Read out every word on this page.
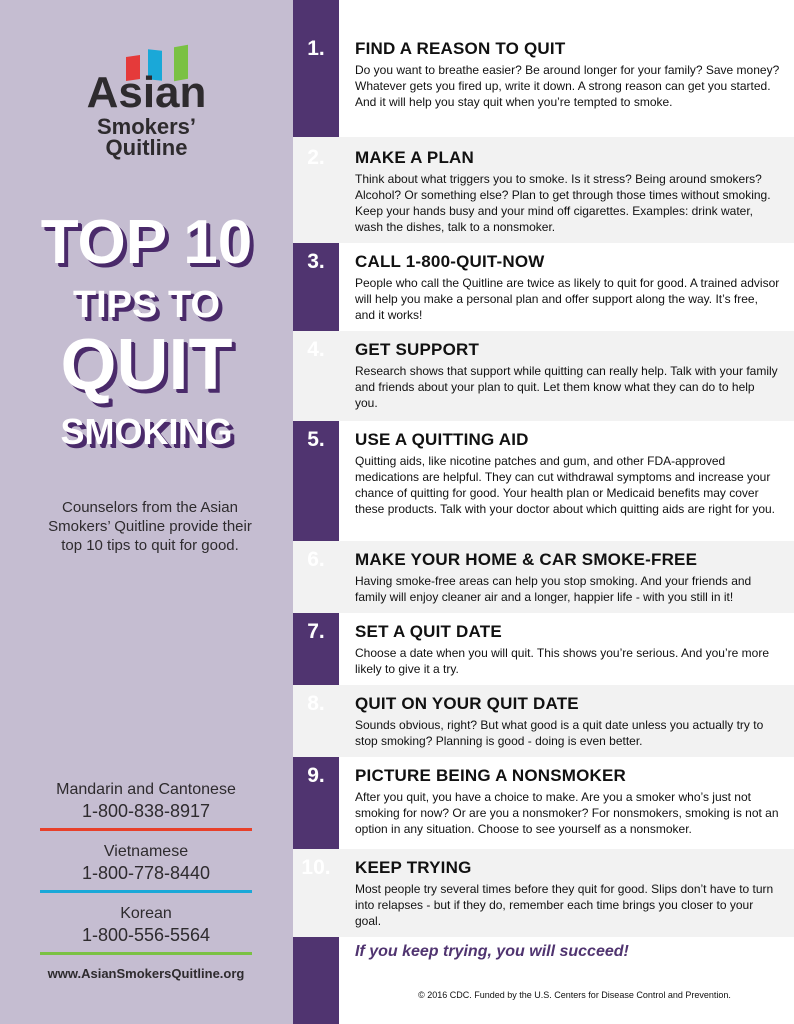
Asian
Smokers’
Quitline
TOP 10
TIPS TO
QUIT
SMOKING
Counselors from the Asian Smokers’ Quitline provide their top 10 tips to quit for good.
Mandarin and Cantonese
1-800-838-8917
Vietnamese
1-800-778-8440
Korean
1-800-556-5564
www.AsianSmokersQuitline.org
1.	FIND A REASON TO QUIT

Do you want to breathe easier? Be around longer for your family? Save money? Whatever gets you fired up, write it down. A strong reason can get you started. And it will help you stay quit when you’re tempted to smoke.

2.	MAKE A PLAN

Think about what triggers you to smoke. Is it stress? Being around smokers? Alcohol? Or something else? Plan to get through those times without smoking. Keep your hands busy and your mind off cigarettes. Examples: drink water, wash the dishes, talk to a nonsmoker.

3.	CALL 1-800-QUIT-NOW

People who call the Quitline are twice as likely to quit for good. A trained advisor will help you make a personal plan and offer support along the way. It’s free, and it works!

4.	GET SUPPORT

Research shows that support while quitting can really help. Talk with your family and friends about your plan to quit. Let them know what they can do to help you.

5.	USE A QUITTING AID

Quitting aids, like nicotine patches and gum, and other FDA-approved medications are helpful. They can cut withdrawal symptoms and increase your chance of quitting for good. Your health plan or Medicaid benefits may cover these products. Talk with your doctor about which quitting aids are right for you.

6.	MAKE YOUR HOME & CAR SMOKE-FREE

Having smoke-free areas can help you stop smoking. And your friends and family will enjoy cleaner air and a longer, happier life - with you still in it!

7.	SET A QUIT DATE

Choose a date when you will quit. This shows you’re serious. And you’re more likely to give it a try.

8.	QUIT ON YOUR QUIT DATE

Sounds obvious, right? But what good is a quit date unless you actually try to stop smoking? Planning is good - doing is even better.

9.	PICTURE BEING A NONSMOKER

After you quit, you have a choice to make. Are you a smoker who’s just not smoking for now? Or are you a nonsmoker? For nonsmokers, smoking is not an option in any situation. Choose to see yourself as a nonsmoker.

10.	KEEP TRYING

Most people try several times before they quit for good. Slips don’t have to turn into relapses - but if they do, remember each time brings you closer to your goal.

If you keep trying, you will succeed!
© 2016 CDC. Funded by the U.S. Centers for Disease Control and Prevention.
